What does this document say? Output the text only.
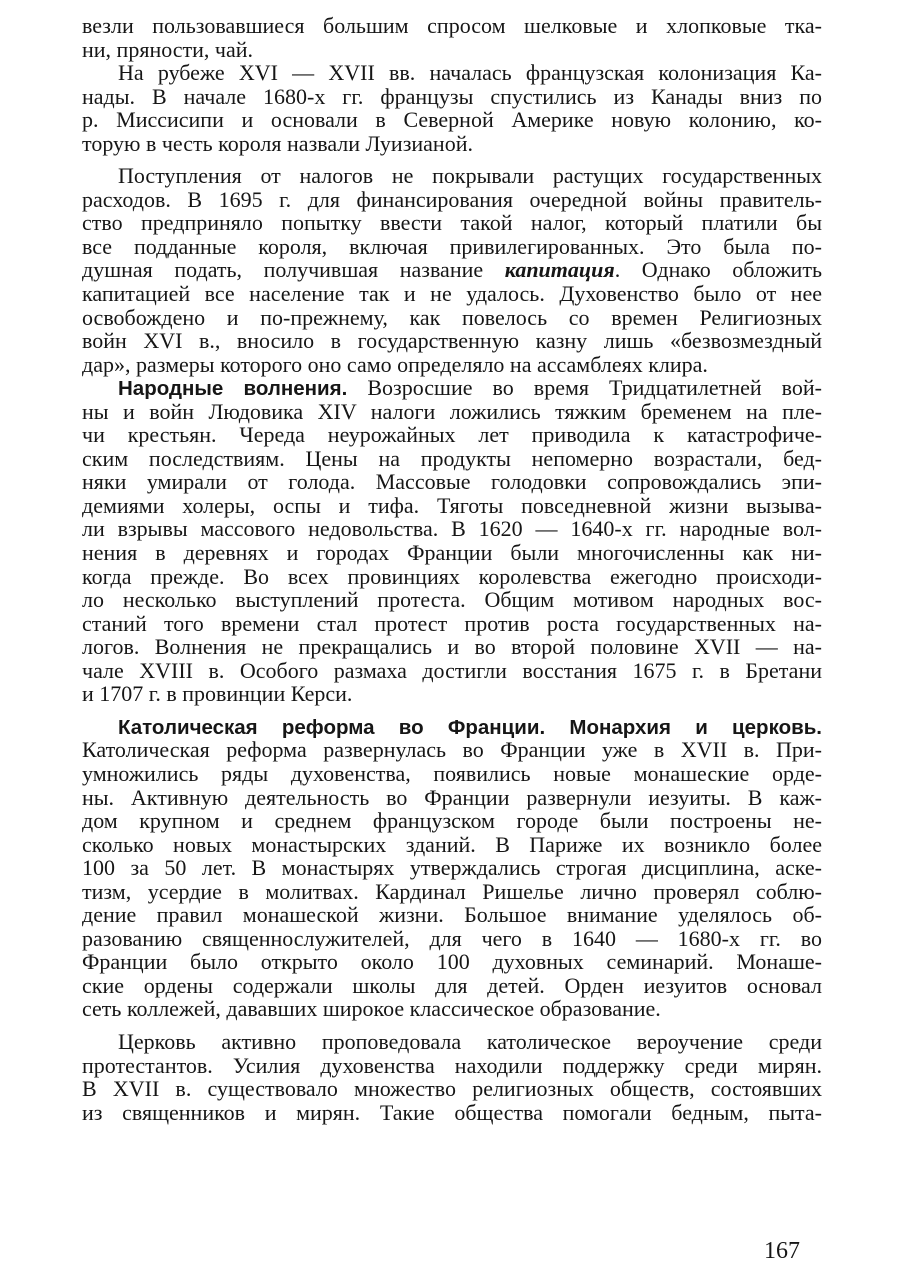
везли пользовавшиеся большим спросом шелковые и хлопковые тка-
ни, пряности, чай.
На рубеже XVI — XVII вв. началась французская колонизация Ка-
нады. В начале 1680-х гг. французы спустились из Канады вниз по
р. Миссисипи и основали в Северной Америке новую колонию, ко-
торую в честь короля назвали Луизианой.
Поступления от налогов не покрывали растущих государственных
расходов. В 1695 г. для финансирования очередной войны правитель-
ство предприняло попытку ввести такой налог, который платили бы
все подданные короля, включая привилегированных. Это была по-
душная подать, получившая название капитация. Однако обложить
капитацией все население так и не удалось. Духовенство было от нее
освобождено и по-прежнему, как повелось со времен Религиозных
войн XVI в., вносило в государственную казну лишь «безвозмездный
дар», размеры которого оно само определяло на ассамблеях клира.
Народные волнения. Возросшие во время Тридцатилетней вой-
ны и войн Людовика XIV налоги ложились тяжким бременем на пле-
чи крестьян. Череда неурожайных лет приводила к катастрофиче-
ским последствиям. Цены на продукты непомерно возрастали, бед-
няки умирали от голода. Массовые голодовки сопровождались эпи-
демиями холеры, оспы и тифа. Тяготы повседневной жизни вызыва-
ли взрывы массового недовольства. В 1620 — 1640-х гг. народные вол-
нения в деревнях и городах Франции были многочисленны как ни-
когда прежде. Во всех провинциях королевства ежегодно происходи-
ло несколько выступлений протеста. Общим мотивом народных вос-
станий того времени стал протест против роста государственных на-
логов. Волнения не прекращались и во второй половине XVII — на-
чале XVIII в. Особого размаха достигли восстания 1675 г. в Бретани
и 1707 г. в провинции Керси.
Католическая реформа во Франции. Монархия и церковь.
Католическая реформа развернулась во Франции уже в XVII в. При-
умножились ряды духовенства, появились новые монашеские орде-
ны. Активную деятельность во Франции развернули иезуиты. В каж-
дом крупном и среднем французском городе были построены не-
сколько новых монастырских зданий. В Париже их возникло более
100 за 50 лет. В монастырях утверждались строгая дисциплина, аске-
тизм, усердие в молитвах. Кардинал Ришелье лично проверял соблю-
дение правил монашеской жизни. Большое внимание уделялось об-
разованию священнослужителей, для чего в 1640 — 1680-х гг. во
Франции было открыто около 100 духовных семинарий. Монаше-
ские ордены содержали школы для детей. Орден иезуитов основал
сеть коллежей, дававших широкое классическое образование.
Церковь активно проповедовала католическое вероучение среди
протестантов. Усилия духовенства находили поддержку среди мирян.
В XVII в. существовало множество религиозных обществ, состоявших
из священников и мирян. Такие общества помогали бедным, пыта-
167
